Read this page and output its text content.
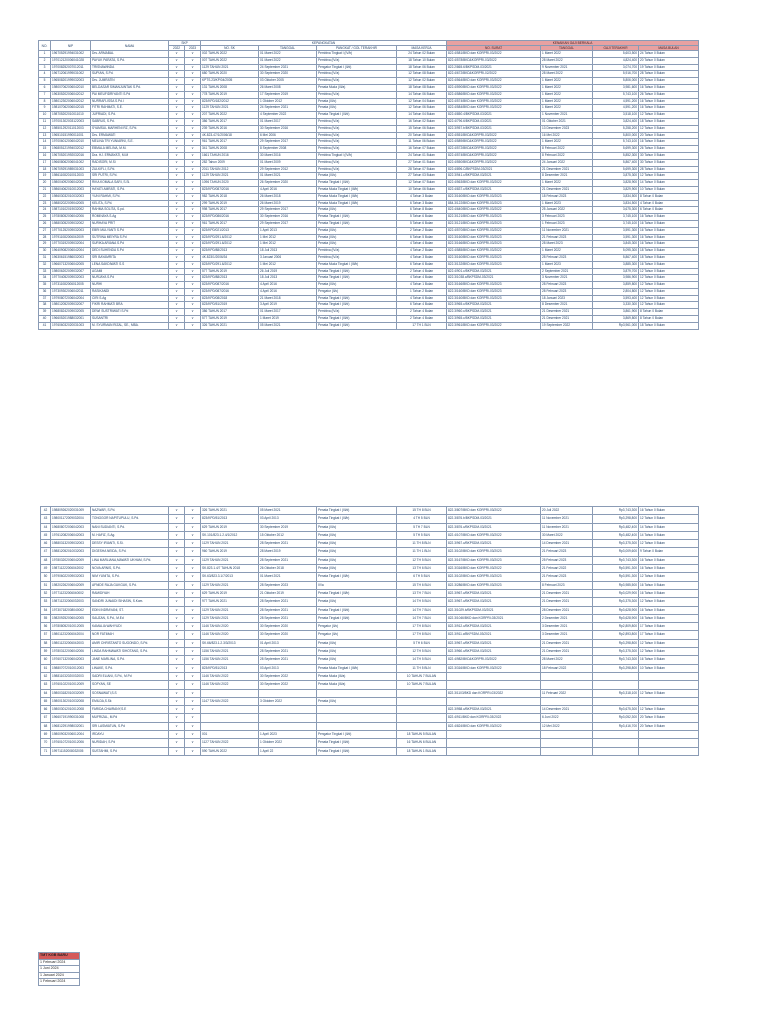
NO.	NIP	NAMA	SKP		KEPANGKATAN				KENAIKAN GAJI BERKALA			
			2022	2023	NO. SK	TANGGAL	PANGKAT / GOL TERAKHIR	MASA KERJA	NO. SURAT	TANGGAL	GAJI TERAKHIR	MASA BULAN
1	196705291994031002	Drs. ARMABAL	v	v	002 TAHUN 2022	01 Maret 2022	Pembina Tingkat I (IV/b)	24 Tahun 02 Bulan	822.4/581/BKD dan KORPRI-03/2022	1 Maret 2022	5,603,500	24 Tahun 0 Bulan
2	197012120006041028	PAYUK PARATA, S.Pd.	v	v	007 TAHUN 2022	01 Maret 2022	Pembina (IV/a)	18 Tahun 10 Bulan	822.4/578/BKD&KORPRI-03/2022	28 Maret 2022	4,824,400	20 Tahun 0 Bulan
3	197008252007012011	TRISNAWINDA	v	v	1129 TAHUN 2021	24 September 2021	Pengatur Tingkat I (II/d)	18 Tahun 06 Bulan	822.2/865.6/BKPSDM-03/2021	9 November 2021	3,074,700	19 Tahun 0 Bulan
4	196712061999031002	SUPIAN, S.Pd.	v	v	680 TAHUN 2020	30 September 2020	Pembina (IV/a)	12 Tahun 08 Bulan	822.4/672/BKD&KORPRI-02/2022	28 Maret 2022	5,916,700	28 Tahun 0 Bulan
5	196508201999032003	Drs. JUMRATIN	v	v	KPTS.23/KP/04/2005	03 Oktober 2005	Pembina (IV/a)	12 Tahun 02 Bulan	822.4/564/BKD dan KORPRI-03/2022	1 Maret 2022	5,806,000	22 Tahun 0 Bulan
6	198007062006042010	BELDASAR SIMANJUNTAK S.Pd.	v	v	131 TAHUN 2008	26 Maret 2008	Penata Muda (III/a)	18 Tahun 08 Bulan	822.4/590/BKD dan KORPRI-03/2022	1 Maret 2022	3,981,600	16 Tahun 0 Bulan
7	196305202006042012	PAI MEUFIDRIYANTI S.Pd	v	v	778 TAHUN 2019	17 September 2019	Pembina (IV/a)	14 Tahun 06 Bulan	822.4/586/BKD dan KORPRI-03/2022	1 Maret 2022	5,743,100	26 Tahun 0 Bulan
8	198012302006042012	NURRAFLISSA S.Pd.I	v	v	823/KPD/182/2012	1 Oktober 2012	Penata (III/c)	12 Tahun 04 Bulan	822.4/574/BKD dan KORPRI-03/2022	1 Maret 2022	4,591,200	16 Tahun 0 Bulan
9	198107062006042015	FITRI RAHMATI, S.E.	v	v	1129 TAHUN 2021	24 September 2021	Penata (III/c)	12 Tahun 06 Bulan	822.4/584/BKD dan KORPRI-03/2022	1 Maret 2022	4,591,200	16 Tahun 0 Bulan
10	198705202010011010	JUFRIADI, S.Pd.	v	v	207 TAHUN 2022	4 September 2022	Penata Tingkat I (III/d)	14 Tahun 04 Bulan	822.4/850.4/BKPSDM-03/2021	1 November 2021	3,518,100	12 Tahun 0 Bulan
11	197001302003122003	SABRUS, S.Pd.	v	v	386 TAHUN 2017	01 Maret 2017	Pembina (IV/a)	16 Tahun 02 Bulan	822.4/796.6/BKPSDM-03/2021	01 Oktober 2021	3,824,400	18 Tahun 0 Bulan
12	198501292011012003	SYAMSUL MARHENI RZ, S.Pd.	v	v	239 TAHUN 2016	30 September 2016	Pembina (IV/a)	15 Tahun 06 Bulan	822.3/957.b/BKPSDM-03/2021	13 Desember 2023	5,258,200	12 Tahun 0 Bulan
13	196510151990011001	Drs. ERMAWATI	v	v	4K.823-47/1/2006/18	6 Mei 2006	Pembina (IV/a)	20 Tahun 08 Bulan	822.4/551/BKD&KORPRI-03/2022	16 Mei 2022	5,800,000	20 Tahun 0 Bulan
14	197006012006042010	MELINA TRI YUNIARNI, S.E.	v	v	961 TAHUN 2017	29 September 2017	Pembina (IV/a)	11 Tahun 06 Bulan	822.4/589/BKD&KORPRI-03/2022	1 Maret 2022	5,743,100	16 Tahun 0 Bulan
15	196805121994032012	EBMALA MELINA, M.M.	v	v	341 TAHUN 2008	8 September 2008	Pembina (IV/a)	16 Tahun 07 Bulan	822.4/572/BKD&KORPRI-03/2022	8 Februari 2022	5,699,300	26 Tahun 0 Bulan
16	196705201992032016	Dra. HJ. ERMAYATI, M.M	v	v	1661 TAHUN 2016	30 Maret 2016	Pembina Tingkat I (IV/b)	24 Tahun 01 Bulan	822.4/574/BKD&KORPRI-03/2022	8 Februari 2022	5,852,300	30 Tahun 0 Bulan
17	196608062006041002	RADISORI, M.Si	v	v	282 Tahun 2009	01 Maret 2009	Pembina (IV/a)	27 Tahun 01 Bulan	822.4/550/BKD&KORPRI-03/2022	24 Januari 2022	5,867,400	30 Tahun 0 Bulan
18	196709291989031003	ZULKIFLI, S.Pd.	v	v	2011 TAHUN 2012	29 September 2012	Pembina (IV/a)	28 Tahun 07 Bulan	822.4/896.C/BKPSDM-03/2021	21 Desember 2021	5,699,300	28 Tahun 0 Bulan
19	198611082010012003	SRI PUTRI, S.Pd.	v	v	1129 TAHUN 2021	01 Maret 2021	Penata (III/c)	27 Tahun 03 Bulan	822.3/941.c/BKPSDM-03/2021	8 Desember 2021	3,875,300	12 Tahun 0 Bulan
20	198004092006042002	RIKA KOMALA SARI, S.Si.	v	v	1096 TAHUN 2020	26 September 2020	Penata Tingkat I (III/d)	12 Tahun 07 Bulan	822.4/563/BKD dan KORPRI-03/2022	1 Maret 2022	3,828,900	14 Tahun 0 Bulan
21	198604062010012003	HAYATI AMRATI, S.Pd.	v	v	823/KPD/087/2016	4 April 2016	Penata Muda Tingkat I (III/b)	10 Tahun 06 Bulan	822.4/837.c/BKPSDM-03/2021	21 Desember 2021	3,829,900	10 Tahun 0 Bulan
22	198603032010032003	YUNI RAHMI, S.Pd.	v	v	982 TAHUN 2018	26 Maret 2018	Penata Muda Tingkat I (III/b)	4 Tahun 3 Bulan	822.3/160/BKD dan KORPRI-03/2023	18 Februari 2023	3,834,500	8 Tahun 0 Bulan
23	198802022009042005	KELITA, S.Pd.	v	v	299 TAHUN 2019	26 Maret 2019	Penata Muda Tingkat I (III/b)	6 Tahun 3 Bulan	884.3/122/BKD dan KORPRI-03/2023	1 Maret 2023	3,834,500	4 Tahun 0 Bulan
24	198710102019032002	RAHMA SOLITA, S.pd.	v	v	998 TAHUN 2017	29 September 2017	Penata (III/c)	6 Tahun 8 Bulan	822.4/640/BKD dan KORPRI-03/2022	25 Januari 2022	3,675,300	6 Tahun 0 Bulan
25	197808052006042006	ROMINAYA S.Ag	v	v	823/KPD/086/2016	30 September 2016	Penata Tingkat I (III/d)	5 Tahun 6 Bulan	822.3/121/BKD dan KORPRI-03/2023	3 Februari 2023	3,745,100	16 Tahun 0 Bulan
26	198803052009032002	NURHAYA PRIT	v	v	961 TAHUN 2017	29 September 2017	Penata Tingkat I (III/d)	5 Tahun 6 Bulan	822.3/121/BKD dan KORPRI-03/2023	1 Februari 2023	3,745,100	16 Tahun 0 Bulan
27	197701252009032003	EBRI MULYANTI S.Pd	v	v	823/KPD/021/2013	1 April 2013	Penata (III/c)	2 Tahun 2 Bulan	822.4/570/BKD dan KORPRI-03/2022	11 November 2021	3,591,300	16 Tahun 0 Bulan
28	197911082006042009	SUTRINA MEIYRA S.Pd	v	v	823/KPD/291.6/2012	1 Mei 2012	Penata (III/c)	6 Tahun 5 Bulan	822.3/160/BKD dan KORPRI-03/2023	21 Februari 2023	3,591,300	16 Tahun 0 Bulan
29	197703192009032004	SURIKA ARIANA S.Pd	v	v	823/KPD/291.6/2012	1 Mei 2012	Penata (III/c)	4 Tahun 4 Bulan	822.3/166/BKD dan KORPRI-03/2023	28 Maret 2023	3,845,300	16 Tahun 0 Bulan
30	196409082006042004	DEDI SUHENDA S.Pd	v	v	823/KPD/88/2013	18 Juli 2013	Pembina (IV/a)	4 Tahun 2 Bulan	822.4/585/BKD dan KORPRI-03/2022	1 Maret 2022	5,095,300	18 Tahun 0 Bulan
31	196306151986032003	SRI BAYAMRITA	v	v	4K.823/1/2006/34	3 Januari 2006	Pembina (IV/a)	4 Tahun 3 Bulan	822.3/160/BKD dan KORPRI-03/2023	28 Februari 2023	5,867,400	18 Tahun 0 Bulan
32	196607132006042005	LENA SAKDIWATI S.S	v	v	823/KPD/291.6/2012	1 Mei 2012	Penata Muda Tingkat I (III/b)	6 Tahun 6 Bulan	822.3/132/BKD dan KORPRI-03/2023	1 Maret 2023	3,885,300	16 Tahun 0 Bulan
33	198006202009032007	AGAMI	v	v	577 TAHUN 2019	26 Juli 2019	Penata Tingkat I (III/d)	2 Tahun 4 Bulan	822.4/901.c/BKPSDM-03/2021	2 September 2021	3,879,700	12 Tahun 0 Bulan
34	197704052009032003	NURJAYA S.Pd	v	v	823/KPD/88/2013	18 Juli 2013	Penata Tingkat I (III/d)	4 Tahun 4 Bulan	822.3/1038.c/BKPSDM-03/2021	3 November 2021	3,986,900	12 Tahun 0 Bulan
35	197311082006012005	NURHI	v	v	823/KPD/087/2016	4 April 2016	Penata (III/c)	4 Tahun 1 Bulan	822.3/166/BKD dan KORPRI-03/2023	28 Februari 2023	3,859,800	12 Tahun 0 Bulan
36	197309302006042011	RASIKANDI	v	v	823/KPD/087/2016	4 April 2016	Pengatur (II/c)	1 Tahun 2 Bulan	822.3/160/BKD dan KORPRI-03/2023	28 Februari 2023	2,804,800	12 Tahun 0 Bulan
37	197908072006042004	CIRI S.Ag	v	v	823/KPD/08/2018	21 Maret 2018	Penata Tingkat I (III/d)	4 Tahun 6 Bulan	822.3/160/BKD dan KORPRI-03/2023	18 Januari 2023	3,593,400	12 Tahun 0 Bulan
38	198012052009032007	FIKRI RAHMATI BRA	v	v	823/KPD/51/2019	3 April 2019	Penata Tingkat I (III/d)	6 Tahun 4 Bulan	822.3/965.c/BKPSDM-03/2021	8 Desember 2021	3,330,300	12 Tahun 0 Bulan
39	196808242009032005	DEWI SUSTRIWATI S.Pd	v	v	386 TAHUN 2017	01 Maret 2017	Pembina (IV/a)	2 Tahun 4 Bulan	822.3/960.c/BKPSDM-03/2021	21 Desember 2021	3,861,900	8 Tahun 0 Bulan
40	196605201988032001	SUSANTRI	v	v	577 TAHUN 2019	1 Maret 2019	Penata Tingkat I (III/d)	2 Tahun 4 Bulan	822.3/965.c/BKPSDM-03/2021	21 Desember 2021	3,869,800	8 Tahun 0 Bulan
41	197606032020031003	M. SYURMAN RIZAL, SE., MBA.	v	v	326 TAHUN 2021	05 Maret 2021	Penata Tingkat I (III/d)	17 TH 1 BLN	822.3/961/BKD dan KORPRI-03/2022	19 September 2022	Rp3,961,000	18 Tahun 0 Bulan
42	198809262020031009	NAZWAR, S.Pd.	v	v	326 TAHUN 2021	05 Maret 2021	Penata Tingkat I (III/d)	15 TH 8 BLN	822.3/807/BKD dan KORPRI-03/2022	20 Juli 2022	Rp3,743,300	16 Tahun 0 Bulan
43	198001172009032004	TONGGOR NAPITUPULU, S.Pd.	v	v	823/KPD/51/2013	03 April 2013	Penata Tingkat I (III/b)	4 TH 5 BLN	822.3/876.b/BKPSDM-03/2021	11 November 2021	Rp3,298,800	12 Tahun 0 Bulan
44	196808072006042003	NANI SUDIANTI, S.Pd.	v	v	629 TAHUN 2019	30 September 2019	Penata (III/c)	5 TH 7 BLN	822.3/876.c/BKPSDM-03/2021	11 November 2021	Rp3,482,400	14 Tahun 0 Bulan
45	197612082006042003	M. HAFIZ, S.Ag.	v	v	SK.101/823.1.2.4/1/2012	15 Oktober 2012	Penata (III/c)	5 TH 5 BLN	822.4/107/BKD dan KORPRI-03/2022	30 Maret 2022	Rp3,482,400	14 Tahun 0 Bulan
46	198803132009032003	DESSY IRIANTI, S.Si.	v	v	1129 TAHUN 2021	28 September 2021	Penata (III/c)	11 TH 8 BLN	822.3/967.c/BKPSDM-03/2021	14 Desember 2021	Rp3,375,300	12 Tahun 0 Bulan
47	198812052010032003	DIGESHA NEIDA, S.Pd.	v	v	960 TAHUN 2019	28 Maret 2019	Penata (III/c)	11 TH 1 BLN	822.3/102/BKD dan KORPRI-03/2023	21 Februari 2023	Rp3,009,600	9 Tahun 0 Bulan
48	197803202006042009	LINA MARLIANA,MAWATI UKHAM, S.Pd.	v	v	1129 TAHUN 2021	28 September 2021	Penata (III/c)	12 TH 5 BLN	822.3/167/BKD dan KORPRI-03/2023	25 Februari 2023	Rp3,743,300	16 Tahun 0 Bulan
49	198711222006042002	NOVA ARNIS, S.Pd.	v	v	SK.823.1.4/7 TAHUN 2018	26 Oktober 2018	Penata (III/c)	13 TH 6 BLN	822.3/316/BKD dan KORPRI-03/2022	21 Februari 2022	Rp3,591,300	16 Tahun 0 Bulan
50	197906022009032003	NIM YUNITA, S.Pd.	v	v	SK.63/823.3.1/7/2013	01 Maret 2021	Penata Tingkat I (III/b)	6 TH 5 BLN	822.3/102/BKD dan KORPRI-03/2023	21 Februari 2023	Rp3,591,300	12 Tahun 0 Bulan
51	198202262006042009	AFNIDE RAJA GUKGUK, S.Pd.	v	v	1129 TAHUN 2021	28 September 2023	IV/a	15 TH 6 BLN	822.3/286/BKD dan KORPRI-03/2023	8 Februari 2023	Rp3,985,500	16 Tahun 0 Bulan
52	197711232006040002	RAMIDIYAH	v	v	629 TAHUN 2019	21 Oktober 2019	Penata Tingkat I (III/b)	13 TH 7 BLN	822.3/967.c/BKPSDM-03/2021	21 Desember 2021	Rp3,029,900	16 Tahun 0 Bulan
53	198711232006032003	SANDRI JUNAIDI SIHASIN, S.Kom.	v	v	977 TAHUN 2021	28 September 2021	Penata (III/c)	14 TH 5 BLN	822.3/967.c/BKPSDM-03/2021	21 Desember 2021	Rp3,375,300	12 Tahun 0 Bulan
54	197307182008040002	EDIN INDRAYANI, ST.	v	v	1129 TAHUN 2021	28 September 2021	Penata Tingkat I (III/d)	14 TH 7 BLN	822.3/1029.b/BKPSDM-03/2021	28 Desember 2021	Rp3,628,900	16 Tahun 0 Bulan
55	198209252006042005	SAUZAN, S.Pd., M.Ed	v	v	1129 TAHUN 2021	28 September 2021	Penata Tingkat I (III/d)	14 TH 7 BLN	822.3/1046/BKD dan KORPRI-03/2021	2 Desember 2021	Rp3,628,900	16 Tahun 0 Bulan
56	197808052010012005	KAMALIA WAHYUDI	v	v	1146 TAHUN 2020	30 September 2020	Pengatur (II/c)	17 TH 8 BLN	822.3/912.c/BKPSDM-03/2021	3 Desember 2021	Rp2,809,800	17 Tahun 0 Bulan
57	198011232006042004	NOR FATIMAH	v	v	1146 TAHUN 2020	30 September 2020	Pengatur (II/c)	17 TH 8 BLN	822.3/911.c/BKPSDM-03/2021	3 Desember 2021	Rp2,893,800	17 Tahun 0 Bulan
58	198011232006042003	AMIR CHRISTANTO SUGONDO, S.Pd.	v	v	SK.66/823.1.2.3/3/2013	01 April 2013	Penata (III/c)	5 TH 6 BLN	822.3/967.c/BKPSDM-03/2021	21 Desember 2021	Rp3,298,800	12 Tahun 0 Bulan
59	197803122006042006	LINDA RAHMAWATI SIHOTANG, S.Pd.	v	v	1156 TAHUN 2021	28 September 2021	Penata (III/c)	12 TH 5 BLN	822.3/960.c/BKPSDM-03/2021	21 Desember 2021	Rp3,375,300	12 Tahun 0 Bulan
60	197607132006042003	JANE MARLINA, S.Pd.	v	v	1156 TAHUN 2021	28 September 2021	Penata (III/c)	14 TH 5 BLN	822.4/982/BKD&KORPRI-03/2022	28 Maret 2022	Rp3,743,300	16 Tahun 0 Bulan
61	198807072010012003	LINAKE, S.Pd.	v	v	823/KPD/51/2013	03 April 2013	Penata Muda Tingkat I (III/b)	11 TH 5 BLN	822.3/316/BKD dan KORPRI-03/2022	18 Februari 2022	Rp3,298,800	10 Tahun 0 Bulan
62	198811032020032003	SADRI ELIANI, S.Pd., M.Pd	v	v	1146 TAHUN 2022	30 September 2022	Penata Muda (III/a)	10 TAHUN 7 BULAN				
63	197601022010012009	SOFYAN, SE	v	v	1146 TAHUN 2022	30 September 2022	Penata Muda (III/a)	10 TAHUN 7 BULAN				
64	198003182010032009	SOSNAWATI,S.S	v	v					822.3/1103/BKD dan KORPRI-03/2022	11 Februari 2022	Rp3,318,100	12 Tahun 0 Bulan
65	198001302010032008	EMILDA,S.Sk	v	v	1147 TAHUN 2022	3 Oktober 2022	Penata (III/c)					
66	198003012010012008	FARIDA CHAIRANY,S.E	v	v					822.3/958.c/BKPSDM-03/2021	14 Desember 2021	Rp3,675,300	12 Tahun 0 Bulan
67	196607191990031008	MUFRIZAL, M.Pd	v	v					822.4/911/BKD dan KORPRI-03/2022	6 Juni 2022	Rp3,052,300	20 Tahun 0 Bulan
68	196812291998032001	SRI LASMIATUN, S.Pd	v	v					822.4/824/BKD dan KORPRI-03/2022	12 Mei 2022	Rp3,416,700	20 Tahun 0 Bulan
69	198009032006012004	IRDAYU	v	v	001	1 April 2023	Pengatur Tingkat I (II/d)	18 TAHUN 5 BULAN				
70	197601072010012006	NURIDAH, S.Pd	v	v	1127 TAHUN 2022	1 Oktober 2022	Penata Tingkat I (III/d)	16 TAHUN 6 BULAN				
71	199711152008032005	SUSTAHMI, S.Pd	v	v	590 TAHUN 2022	1 April 22	Penata Tingkat I (III/d)	18 TAHUN 1 BULAN				
TMT KGB BARU
1 Februari 2024
1 Juni 2024
1 Januari 2024
1 Februari 2024
